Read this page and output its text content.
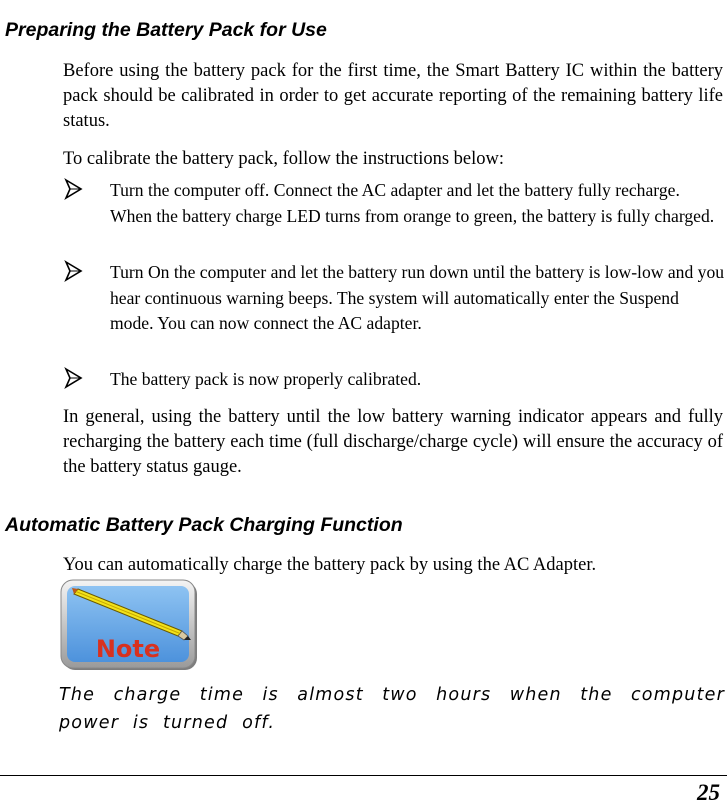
Preparing the Battery Pack for Use

Before using the battery pack for the first time, the Smart Battery IC within the battery pack should be calibrated in order to get accurate reporting of the remaining battery life status.

To calibrate the battery pack, follow the instructions below:

Turn the computer off. Connect the AC adapter and let the battery fully recharge. When the battery charge LED turns from orange to green, the battery is fully charged.
Turn On the computer and let the battery run down until the battery is low-low and you hear continuous warning beeps. The system will automatically enter the Suspend mode. You can now connect the AC adapter.
The battery pack is now properly calibrated.

In general, using the battery until the low battery warning indicator appears and fully recharging the battery each time (full discharge/charge cycle) will ensure the accuracy of the battery status gauge.

Automatic Battery Pack Charging Function

You can automatically charge the battery pack by using the AC Adapter.

Note

The charge time is almost two hours when the computer power is turned off.

25
